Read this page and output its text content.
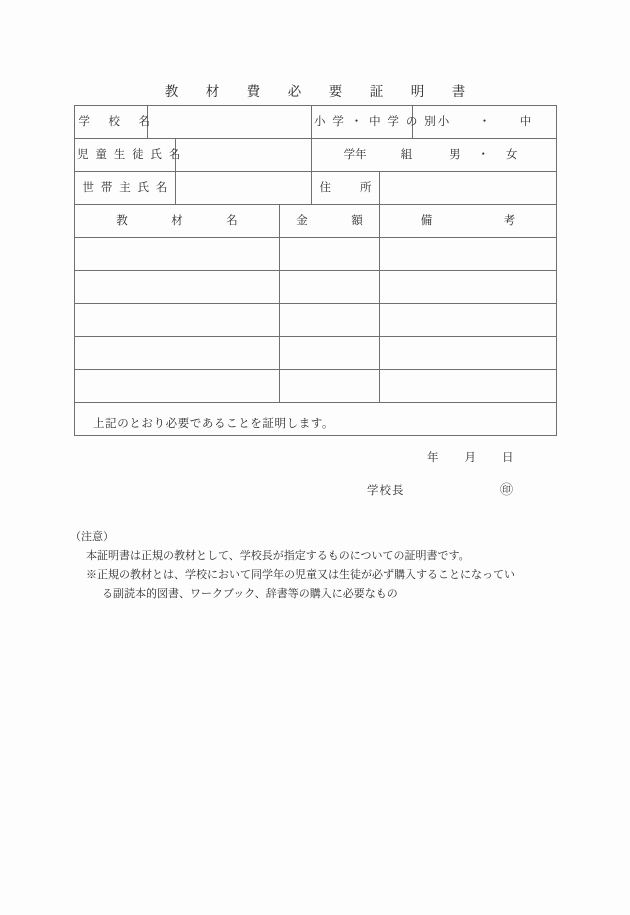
教　材　費　必　要　証　明　書
学　校　名				小 学 ・ 中 学 の 別		小　・　中
児 童 生 徒 氏 名				学年 組 男 ・ 女		
世 帯 主 氏 名				住　　所		
教　材　名			金　額		備　考	

上記のとおり必要であることを証明します。
年 月 日
学校長 ㊞						
（注意）
本証明書は正規の教材として、学校長が指定するものについての証明書です。
※正規の教材とは、学校において同学年の児童又は生徒が必ず購入することになってい
る副読本的図書、ワークブック、辞書等の購入に必要なもの
